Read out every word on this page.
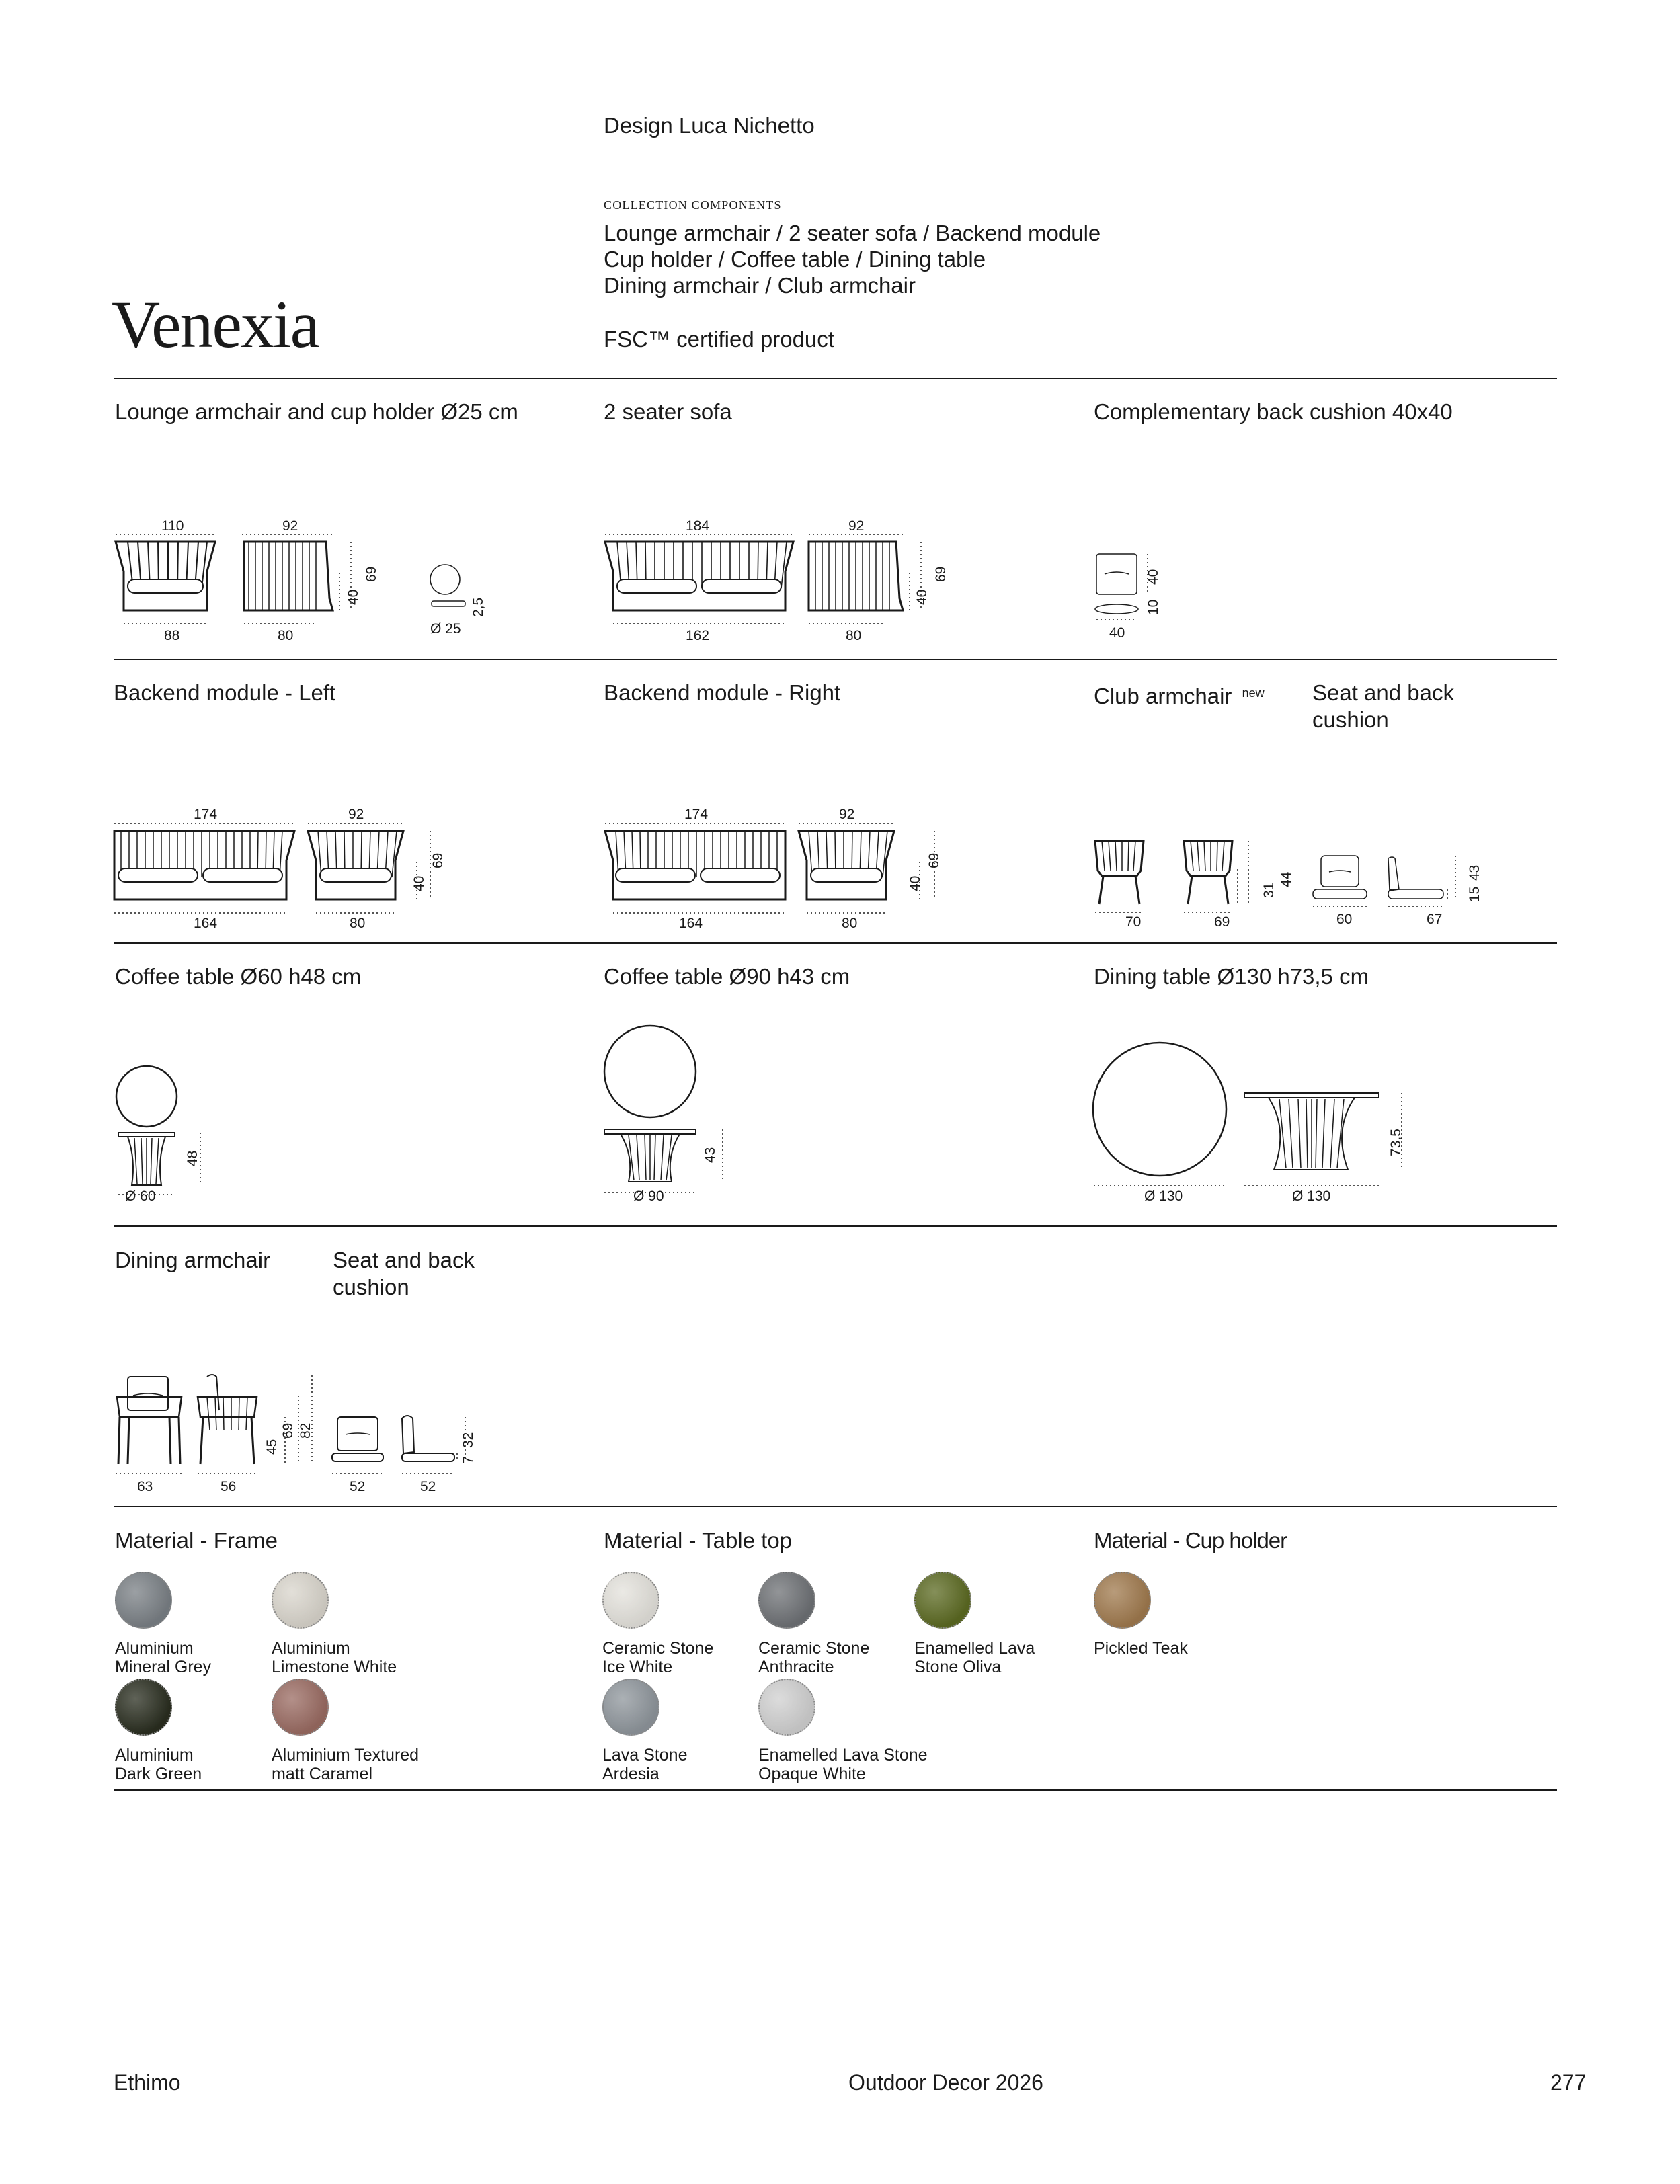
Design Luca Nichetto
COLLECTION COMPONENTS
Lounge armchair / 2 seater sofa / Backend module
Cup holder / Coffee table / Dining table
Dining armchair / Club armchair
FSC™ certified product
Venexia
Lounge armchair and cup holder Ø25 cm	2 seater sofa	Complementary back cushion 40x40
110	92
88	80
69
40
2,5
Ø 25
184	92
162	80
69
40
40
10
40
Backend module - Left	Backend module - Right	Club armchair $^{new}$ Seat and back cushion
174	92
164	80
69
40
174	92
164	80
69
40
70	69
44
31
60	67
43
15
Coffee table Ø60 h48 cm	Coffee table Ø90 h43 cm	Dining table Ø130 h73,5 cm
Ø 60
48
Ø 90
43
Ø 130	Ø 130
73,5
Dining armchair	Seat and back cushion
63	56
82
69
45
52	52
32
7
Material - Frame	Material - Table top	Material - Cup holder
Aluminium
Mineral Grey
Aluminium
Limestone White
Aluminium
Dark Green
Aluminium Textured
matt Caramel
Ceramic Stone
Ice White
Ceramic Stone
Anthracite
Enamelled Lava
Stone Oliva
Lava Stone
Ardesia
Enamelled Lava Stone
Opaque White
Pickled Teak
Ethimo	Outdoor Decor 2026	277
